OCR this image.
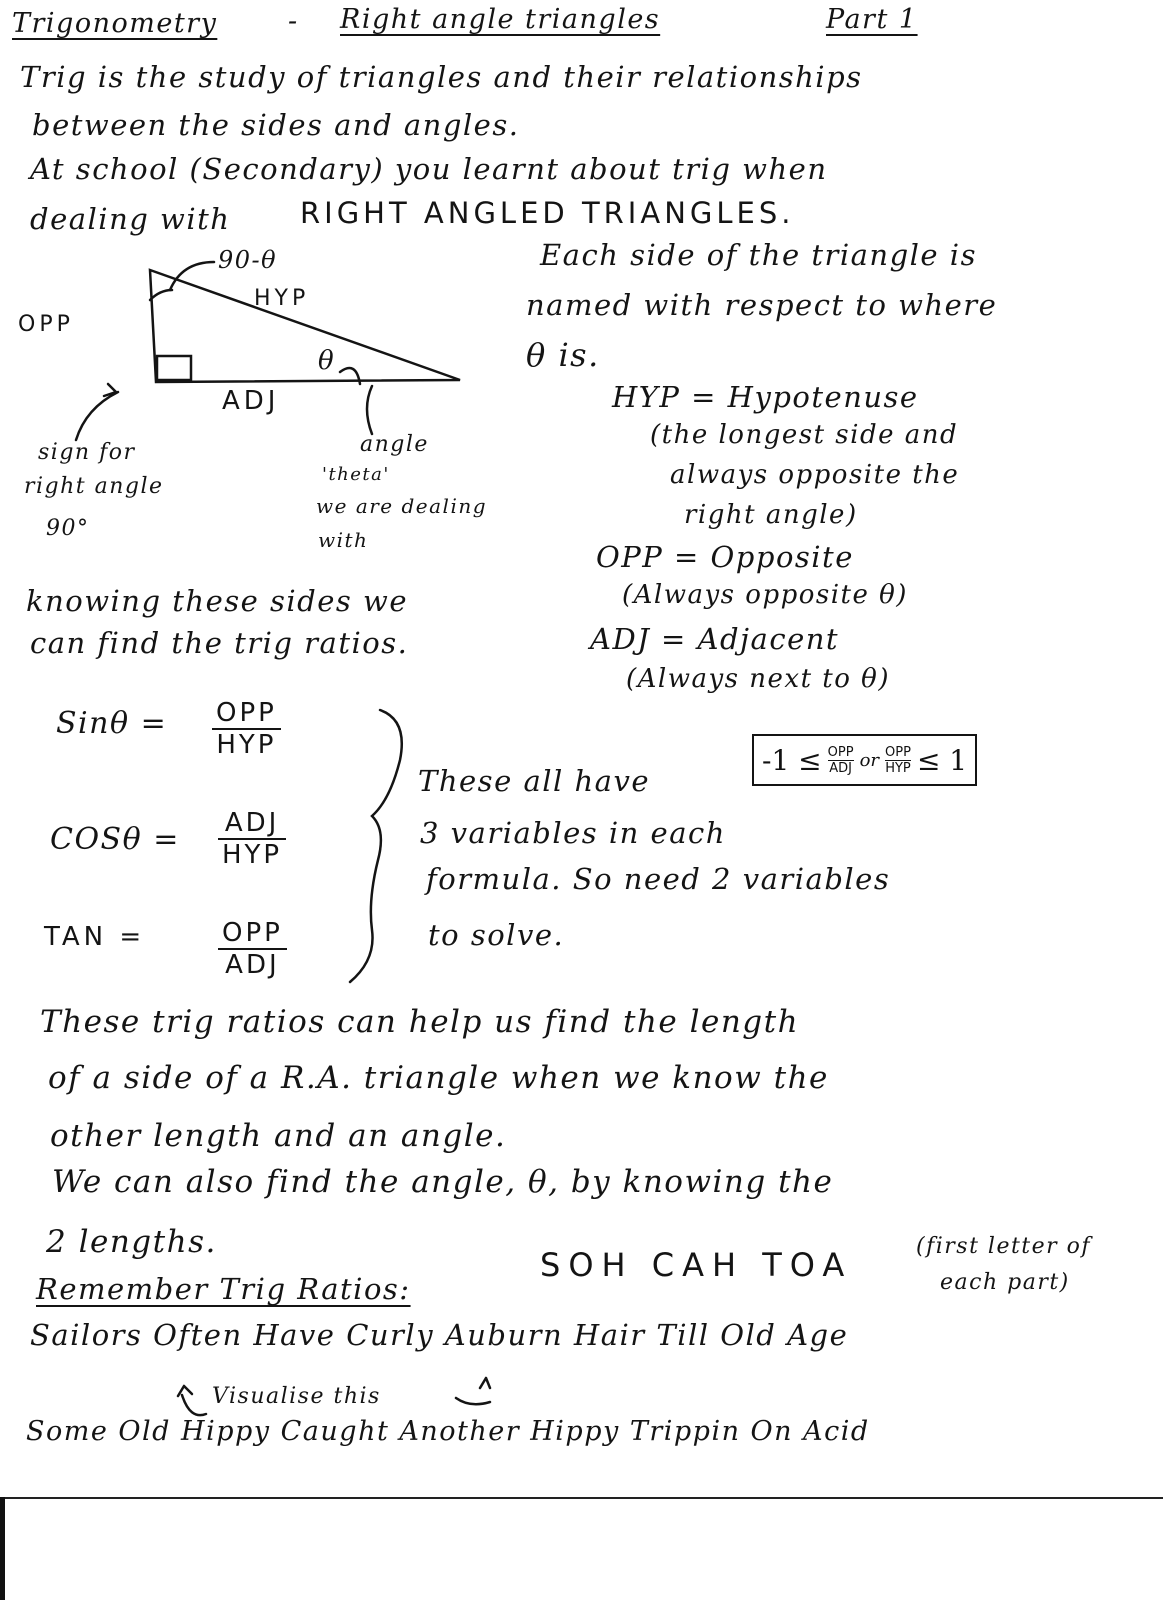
Trigonometry	- Right angle triangles	Part 1
Trig is the study of triangles and their relationships
between the sides and angles.
At school (Secondary) you learnt about trig when
dealing with RIGHT ANGLED TRIANGLES.
90-θ
OPP
HYP
θ
ADJ
sign for
right angle
90°
angle
'theta'
we are dealing
with
Each side of the triangle is
named with respect to where
θ is.
HYP = Hypotenuse
(the longest side and
always opposite the
right angle)
OPP = Opposite
(Always opposite θ)
ADJ = Adjacent
(Always next to θ)
knowing these sides we
can find the trig ratios.
Sinθ = OPP
HYP
COSθ = ADJ
HYP
TAN =	OPP
ADJ
-1 ≤ OPP
ADJ or OPP
HYP ≤ 1
These all have
3 variables in each
formula. So need 2 variables
to solve.
These trig ratios can help us find the length
of a side of a R.A. triangle when we know the
other length and an angle.
We can also find the angle, θ, by knowing the
2 lengths.
Remember Trig Ratios:
SOH CAH TOA	(first letter of
each part)
Sailors Often Have Curly Auburn Hair Till Old Age
Visualise this
Some Old Hippy Caught Another Hippy Trippin On Acid
